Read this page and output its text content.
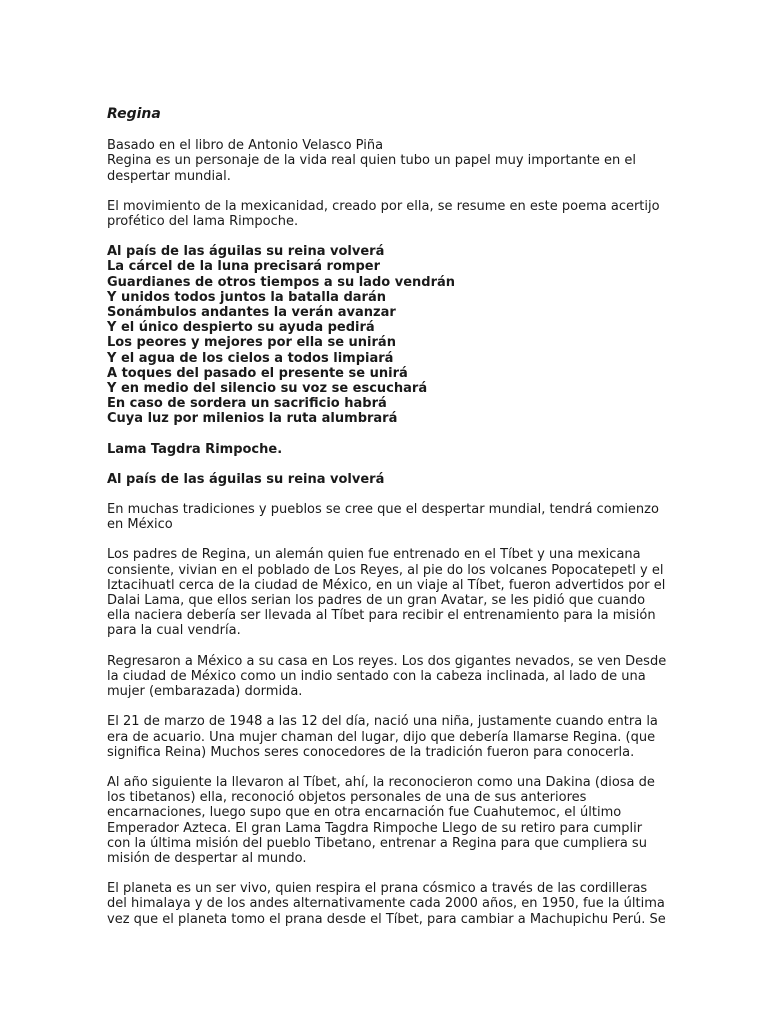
Regina

Basado en el libro de Antonio Velasco Piña

Regina es un personaje de la vida real quien tubo un papel muy importante en el despertar mundial.

El movimiento de la mexicanidad, creado por ella, se resume en este poema acertijo profético del lama Rimpoche.

Al país de las águilas su reina volverá

La cárcel de la luna precisará romper

Guardianes de otros tiempos a su lado vendrán

Y unidos todos juntos la batalla darán

Sonámbulos andantes la verán avanzar

Y el único despierto su ayuda pedirá

Los peores y mejores por ella se unirán

Y el agua de los cielos a todos limpiará

A toques del pasado el presente se unirá

Y en medio del silencio su voz se escuchará

En caso de sordera un sacrificio habrá

Cuya luz por milenios la ruta alumbrará

Lama Tagdra Rimpoche.
Al país de las águilas su reina volverá

En muchas tradiciones y pueblos se cree que el despertar mundial, tendrá comienzo en México

Los padres de Regina, un alemán quien fue entrenado en el Tíbet y una mexicana consiente, vivian en el poblado de Los Reyes, al pie do los volcanes Popocatepetl y el Iztacihuatl cerca de la ciudad de México, en un viaje al Tíbet, fueron advertidos por el Dalai Lama, que ellos serian los padres de un gran Avatar, se les pidió que cuando ella naciera debería ser llevada al Tíbet para recibir el entrenamiento para la misión para la cual vendría.

Regresaron a México a su casa en Los reyes. Los dos gigantes nevados, se ven Desde la ciudad de México como un indio sentado con la cabeza inclinada, al lado de una mujer (embarazada) dormida.

El 21 de marzo de 1948 a las 12 del día, nació una niña, justamente cuando entra la era de acuario. Una mujer chaman del lugar, dijo que debería llamarse Regina. (que significa Reina) Muchos seres conocedores de la tradición fueron para conocerla.

Al año siguiente la llevaron al Tíbet, ahí, la reconocieron como una Dakina (diosa de los tibetanos) ella, reconoció objetos personales de una de sus anteriores encarnaciones, luego supo que en otra encarnación fue Cuahutemoc, el último Emperador Azteca. El gran Lama Tagdra Rimpoche Llego de su retiro para cumplir con la última misión del pueblo Tibetano, entrenar a Regina para que cumpliera su misión de despertar al mundo.

El planeta es un ser vivo, quien respira el prana cósmico a través de las cordilleras del himalaya y de los andes alternativamente cada 2000 años, en 1950, fue la última vez que el planeta tomo el prana desde el Tíbet, para cambiar a Machupichu Perú. Se
